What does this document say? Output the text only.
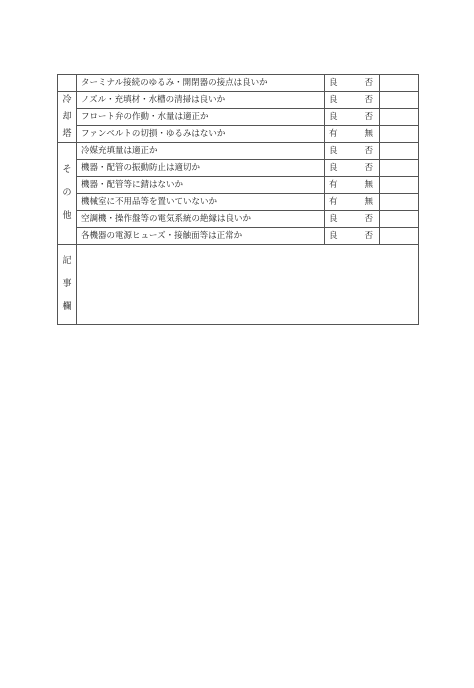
	ターミナル接続のゆるみ・開閉器の接点は良いか	良 否	

冷
却
塔	ノズル・充填材・水槽の清掃は良いか	良 否	

	フロート弁の作動・水量は適正か	良 否	

	ファンベルトの切損・ゆるみはないか	有 無	

そ
の
他	冷媒充填量は適正か	良 否	

	機器・配管の振動防止は適切か	良 否	

	機器・配管等に錆はないか	有 無	

	機械室に不用品等を置いていないか	有 無	

	空調機・操作盤等の電気系統の絶縁は良いか	良 否	

	各機器の電源ヒューズ・接触面等は正常か	良 否	

記
事
欄			
